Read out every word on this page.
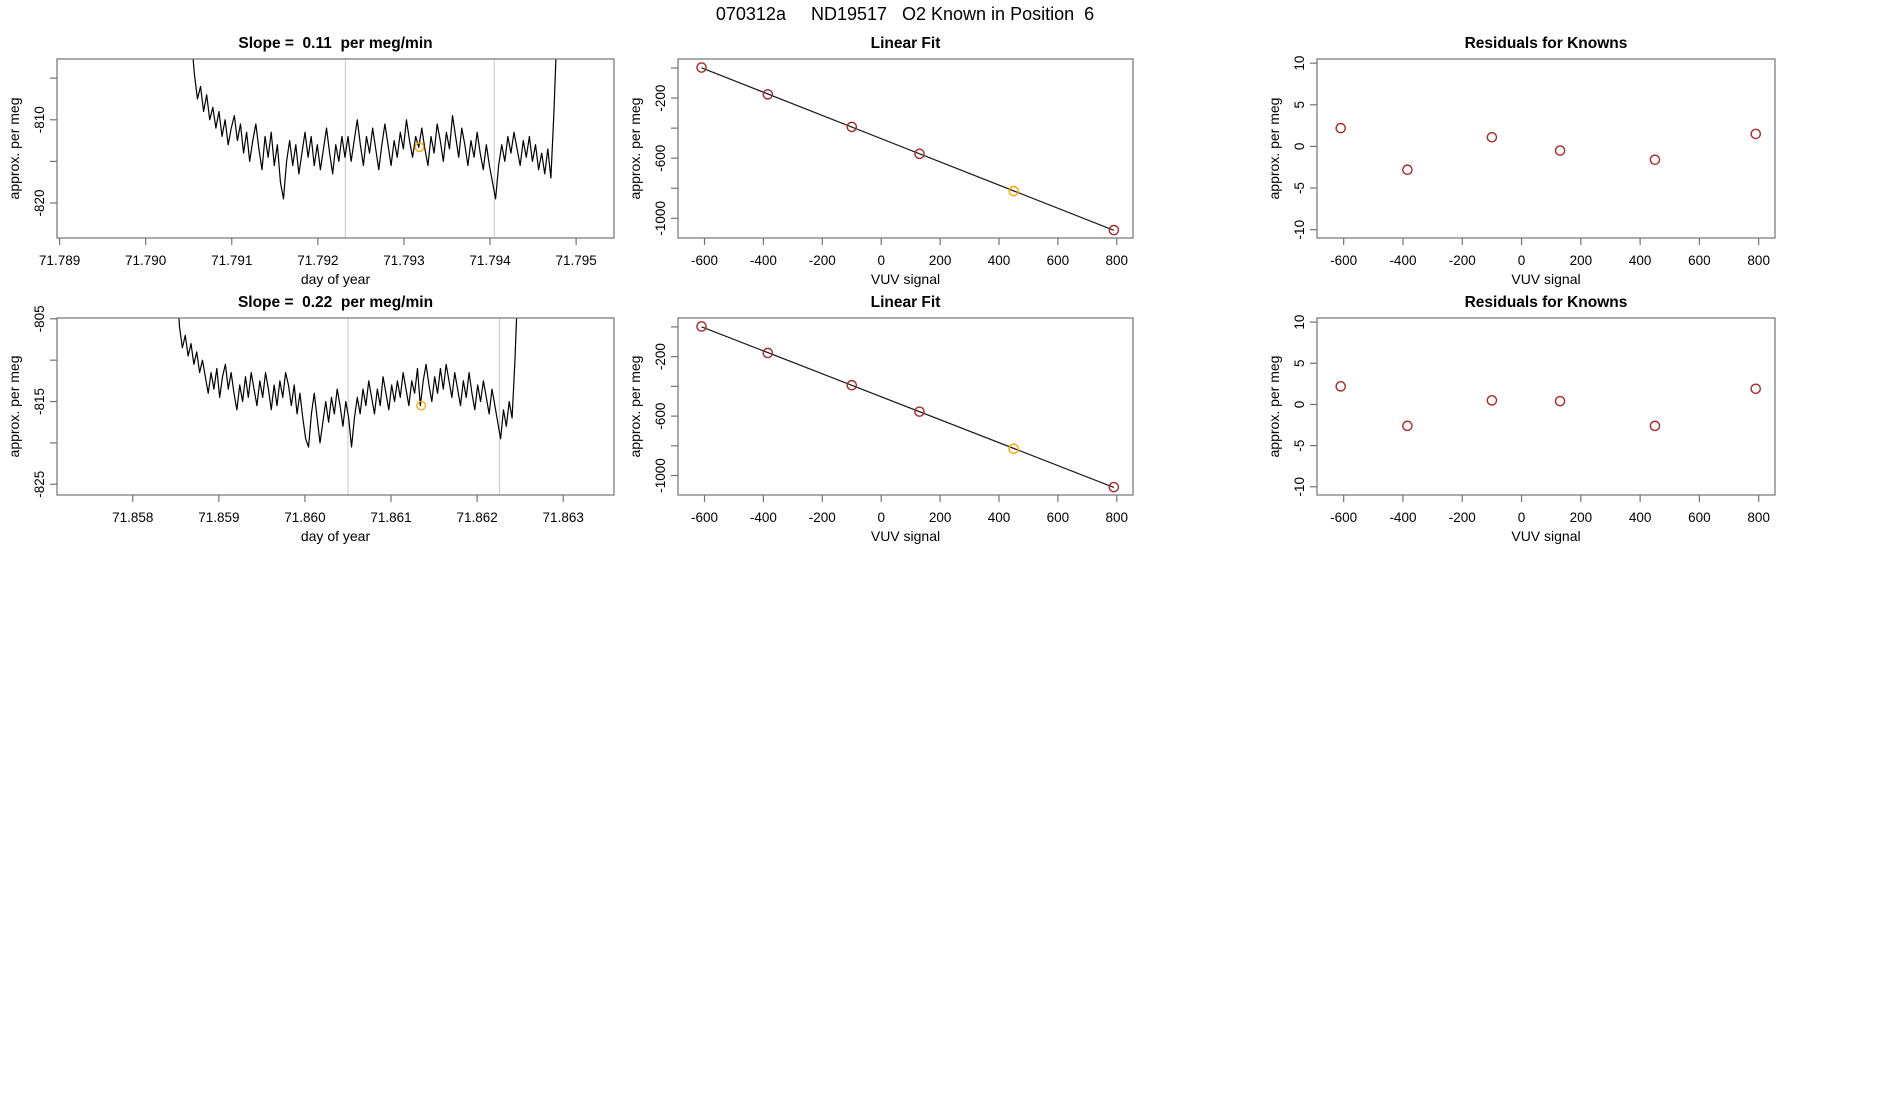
070312a     ND19517   O2 Known in Position  6
71.789	71.790	71.791	71.792	71.793	71.794	71.795
-810
-820
Slope =  0.11  per meg/min
day of year
approx. per meg
-600 -400 -200	0	200	400	600	800
-200
-600
-1000
Linear Fit
VUV signal
approx. per meg
-600 -400 -200	0	200	400	600	800
10
5
0
-5
-10
Residuals for Knowns
VUV signal
approx. per meg
71.858	71.859	71.860	71.861	71.862	71.863
-805
-815
-825
Slope =  0.22  per meg/min
day of year
approx. per meg
-600 -400 -200	0	200	400	600	800
-200
-600
-1000
Linear Fit
VUV signal
approx. per meg
-600 -400 -200	0	200	400	600	800
10
5
0
-5
-10
Residuals for Knowns
VUV signal
approx. per meg
